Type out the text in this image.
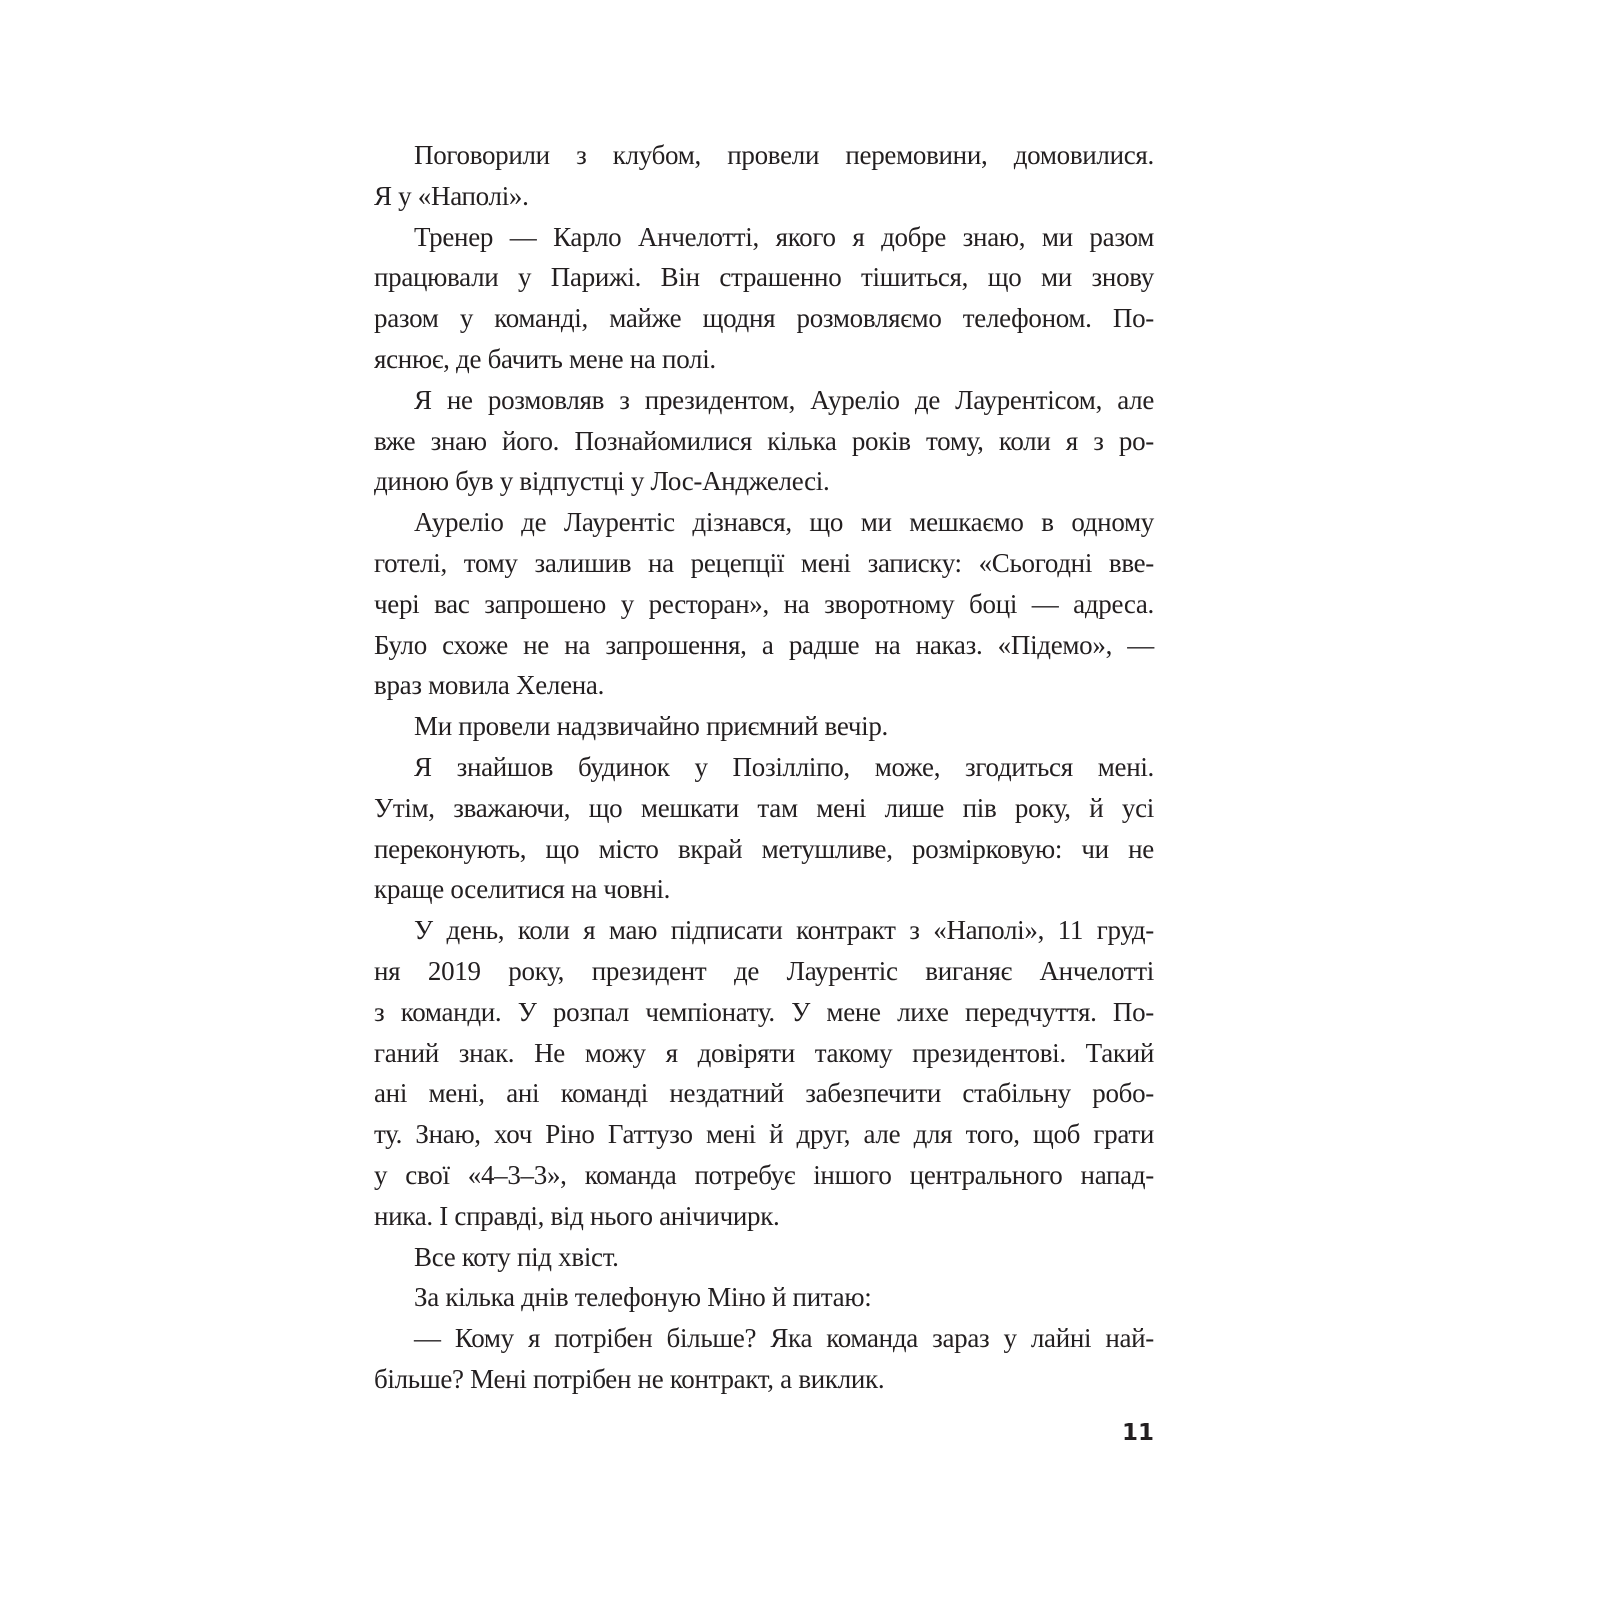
11
Поговорили з клубом, провели перемовини, домовилися.
Я у «Наполі».
Тренер — Карло Анчелотті, якого я добре знаю, ми разом
працювали у Парижі. Він страшенно тішиться, що ми знову
разом у команді, майже щодня розмовляємо телефоном. По-
яснює, де бачить мене на полі.
Я не розмовляв з президентом, Ауреліо де Лаурентісом, але
вже знаю його. Познайомилися кілька років тому, коли я з ро-
диною був у відпустці у Лос-Анджелесі.
Ауреліо де Лаурентіс дізнався, що ми мешкаємо в одному
готелі, тому залишив на рецепції мені записку: «Сьогодні вве-
чері вас запрошено у ресторан», на зворотному боці — адреса.
Було схоже не на запрошення, а радше на наказ. «Підемо», —
враз мовила Хелена.
Ми провели надзвичайно приємний вечір.
Я знайшов будинок у Позілліпо, може, згодиться мені.
Утім, зважаючи, що мешкати там мені лише пів року, й усі
переконують, що місто вкрай метушливе, розмірковую: чи не
краще оселитися на човні.
У день, коли я маю підписати контракт з «Наполі», 11 груд-
ня 2019 року, президент де Лаурентіс виганяє Анчелотті
з команди. У розпал чемпіонату. У мене лихе передчуття. По-
ганий знак. Не можу я довіряти такому президентові. Такий
ані мені, ані команді нездатний забезпечити стабільну робо-
ту. Знаю, хоч Ріно Гаттузо мені й друг, але для того, щоб грати
у свої «4–3–3», команда потребує іншого центрального напад-
ника. І справді, від нього анічичирк.
Все коту під хвіст.
За кілька днів телефоную Міно й питаю:
— Кому я потрібен більше? Яка команда зараз у лайні най-
більше? Мені потрібен не контракт, а виклик.
